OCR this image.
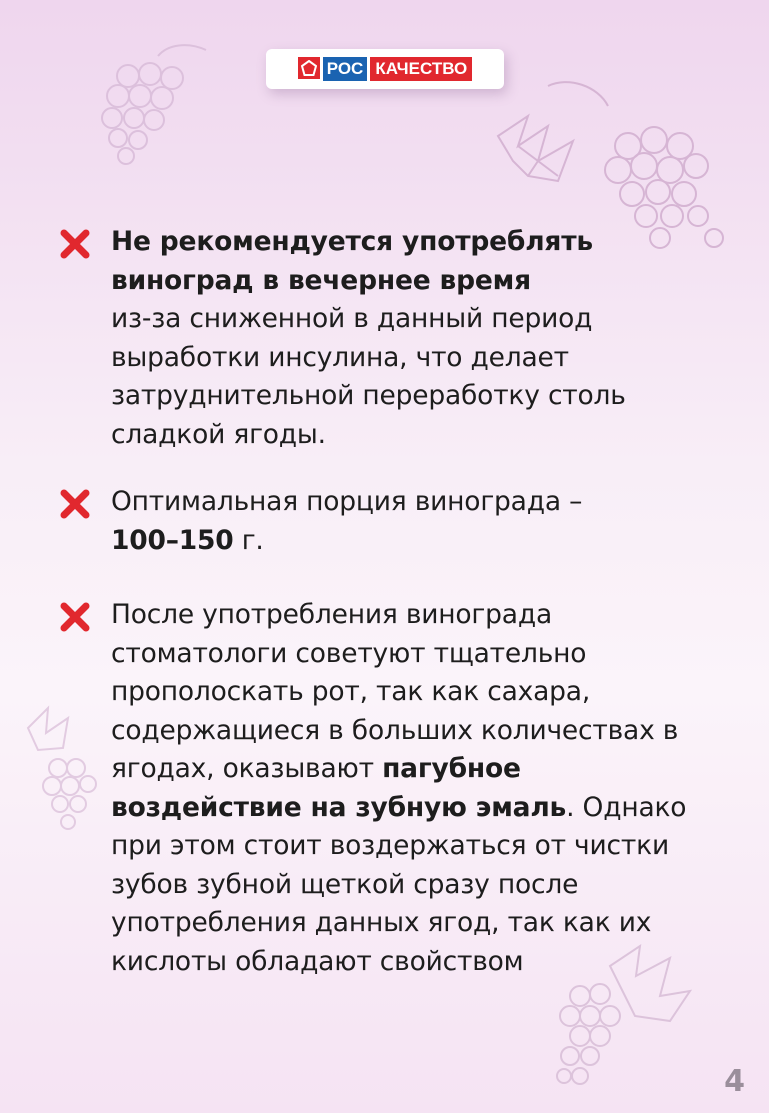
РОС КАЧЕСТВО

Не рекомендуется употреблять виноград в вечернее время

из-за сниженной в данный период выработки инсулина, что делает затруднительной переработку столь сладкой ягоды.

Оптимальная порция винограда –
100–150 г.
После употребления винограда стоматологи советуют тщательно прополоскать рот, так как сахара, содержащиеся в больших количествах в ягодах, оказывают пагубное воздействие на зубную эмаль. Однако при этом стоит воздержаться от чистки зубов зубной щеткой сразу после употребления данных ягод, так как их кислоты обладают свойством
4
